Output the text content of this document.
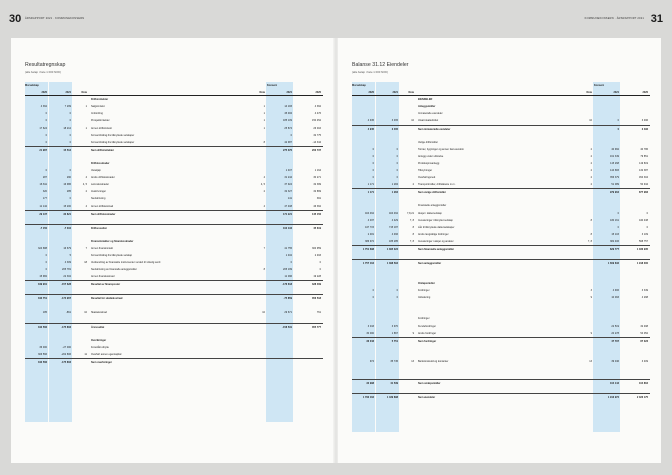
30 ÅRSRAPPORT 2021 · KOMMUNEKONSERN	KOMMUNEKONSERN · ÅRSRAPPORT 2021 31
Resultatregnskap
(alle beløp i hele 1 000 NOK)
Morselskap	Konsern
2020	2021	Note	Note	2021	2020
Driftsinntekter
4 362	7 299	1 Salgsinntekt	1	14 183	4 362
0	0	Innfordring	1	45 484	4 476
0	0	Prosjektinntekter	1	185 109	150 452
17 624	18 212	1 Annen driftsinntekt	1	25 874	26 016
0	0	Konsernbidrag fra tilknyttede selskaper	0	32 775
0	0	Konsernbidrag fra tilknyttede selskaper	8	42 987	-14 344
21 987	15 512	Sum driftsinntekter	275 376	200 737
Driftskostnader
0	0	Varekjøp	1 407	1 164
287	290	4 Andre driftskostnader	4	31 244	30 271
16 811	16 986	4, 5 Lønnskostnader	4, 5	37 924	32 399
320	285	2 Avskrivninger	2	32 327	32 869
177	0	Nedskrivning	141	391
11 142	15 200	4 Annen driftskostnad	4	47 408	46 362
29 137	32 821	Sum driftskostnader	171 221	145 156
-7 150	-7 310	Driftsresultat	102 134	45 619
Finansinntekter og finanskostnader
324 688	16 679	7 Annen finansinntekt	7	41 755	300 959
0	5	Konsernbidrag fra tilknyttede selskap	1 402	2 493
0	4 309	18 Verdiendring av finansielle instrumenter vurdert til virkelig verdi	0	0
0	205 781	Nedskrivning av finansielle anleggsmidler	8	205 199	0
15 982	22 302	Annen finanskostnad	11 096	19 228
349 901	-157 628	Resultat av finansposter	-176 618	328 469
342 751	-174 967	Resultat før skattekostnad	-75 859	356 518
185	-861	10 Skattekostnad	10	29 671	761
342 566	-175 803	Årsresultat	-158 531	355 777
Overføringer
36 000	-27 000	Foreslått utbytte
306 566	-202 806	11 Overført annen egenkapital
342 566	-175 803	Sum overføringer
Balanse 31.12 Eiendeler
(alle beløp i hele 1 000 NOK)
Morselskap	Konsern
2020	2021	Note	Note	2021	2020
EIENDELER
Anleggsmidler
Immaterielle eiendeler
4 945	3 465	10 Utsatt skattefordel	10	0	3 496
4 945	3 465	Sum immaterielle eiendeler	0	3 496
Varige driftsmidler
0	0	Tomter, bygninger og annen fast eiendom	2	40 992	40 786
0	0	Anlegg under utførelse	2	161 349	79 851
0	0	Produksjonsanlegg	2	115 268	119 819
0	0	Tilknytninger	2	144 683	132 387
0	0	Overføringsnett	2	356 379	454 304
1 171	1 284	2 Transportmidler, driftsløsøre m.m.	2	51 089	50 944
1 171	1 284	Sum varige driftsmidler	979 964	877 983
Finansielle anleggsmidler
404 462	404 462	7,8,21 Aksjer i datterselskap	0	0
4 037	4 429	7, 8 Investeringer i tilknyttet selskap	8	430 161	440 438
447 715	715 187	8 Lån til tilknyttede datterselskaper	0	0
2 481	4 466	8 Andre langsiktige fordringer	8	15 103	3 109
386 972	185 285	7, 8 Investeringer i aksjer og andeler	7, 8	382 406	568 757
1 751 698	1 395 022	Sum finansielle anleggsmidler	829 777	1 036 935
1 757 164	1 398 594	Sum anleggsmidler	1 609 632	1 918 300
Omløpsmidler
0	0	Fordringer	3	4 906	3 349
0	0	Inkludering	9	10 093	4 298
Fordringer
3 043	3 970	Kundefordringer	22 519	32 498
30 000	1 867	9 Andre fordringer	9	20 278	54 052
33 043	5 751	Sum fordringer	47 797	87 023
974	35 745	13 Bankinnskudd og kontanter	13	39 046	3 409
32 998	41 539	Sum omløpsmidler	104 144	104 864
1 790 162	1 439 898	Sum eiendeler	1 913 972	2 023 175
